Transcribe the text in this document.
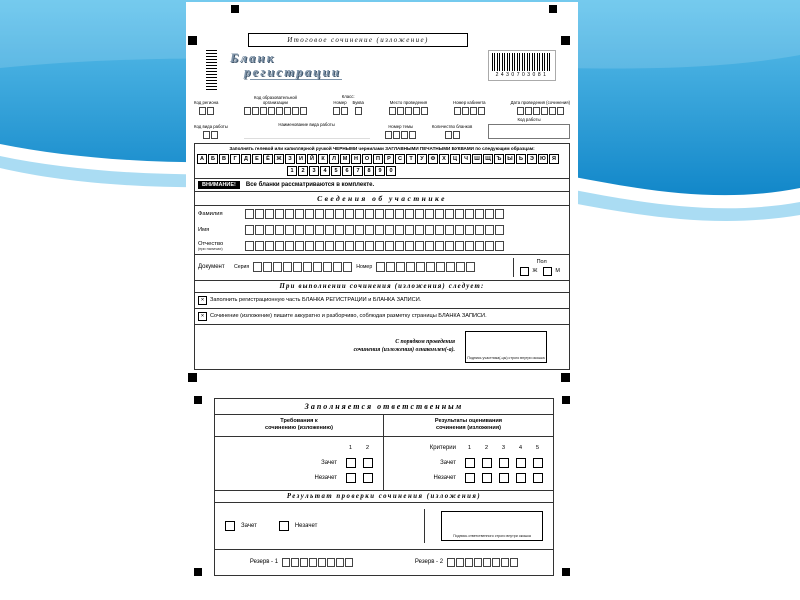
Итоговое сочинение (изложение)
Бланк
регистрации	2430703081
Код региона
Код образовательной организации
Класс:
Номер Буква	Место проведения	Номер кабинета	Дата проведения (сочинения)
Код вида работы	Наименование вида работы	Номер темы	Количество бланков
Код работы
Заполнять гелевой или капиллярной ручкой ЧЕРНЫМИ чернилами ЗАГЛАВНЫМИ ПЕЧАТНЫМИ БУКВАМИ по следующим образцам:
А	Б	В	Г	Д	Е	Ё	Ж	З	И	Й	К	Л	М	Н	О	П	Р	С	Т	У	Ф	Х	Ц	Ч	Ш Щ	Ъ	Ы	Ь	Э	Ю	Я
1	2	3	4	5	6	7	8	9	0
ВНИМАНИЕ!	Все бланки рассматриваются в комплекте.
Сведения об участнике
Фамилия
Имя
Отчество
(при наличии)
Документ	Серия	Номер
Пол
Ж	М
При выполнении сочинения (изложения) следует:
✕	Заполнить регистрационную часть БЛАНКА РЕГИСТРАЦИИ и БЛАНКА ЗАПИСИ.
✕	Сочинение (изложение) пишите аккуратно и разборчиво, соблюдая разметку страницы БЛАНКА ЗАПИСИ.
С порядком проведения
сочинения (изложения) ознакомлен(-а).
Подпись участника(-цы) строго внутри окошка
Заполняется ответственным
Требования к
сочинению (изложению)
Результаты оценивания
сочинения (изложения)
1	2
Зачет
Незачет
Критерии	1	2	3	4	5
Зачет
Незачет
Результат проверки сочинения (изложения)
Зачет	Незачет
Подпись ответственного строго внутри окошка
Резерв - 1	Резерв - 2
